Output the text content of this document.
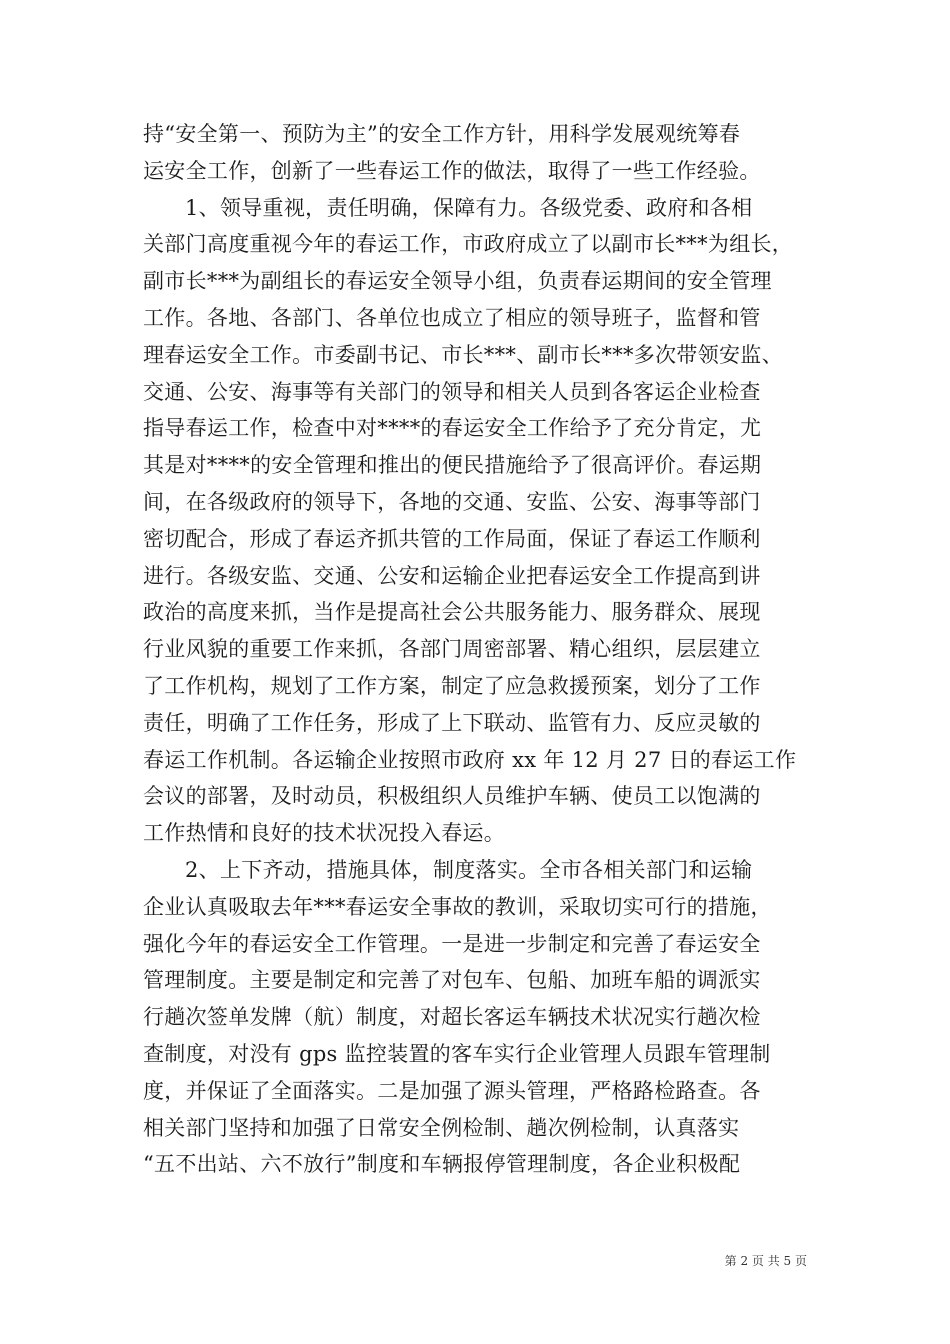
持“安全第一、预防为主”的安全工作方针，用科学发展观统筹春
运安全工作，创新了一些春运工作的做法，取得了一些工作经验。
1、领导重视，责任明确，保障有力。各级党委、政府和各相
关部门高度重视今年的春运工作，市政府成立了以副市长***为组长，
副市长***为副组长的春运安全领导小组，负责春运期间的安全管理
工作。各地、各部门、各单位也成立了相应的领导班子，监督和管
理春运安全工作。市委副书记、市长***、副市长***多次带领安监、
交通、公安、海事等有关部门的领导和相关人员到各客运企业检查
指导春运工作，检查中对****的春运安全工作给予了充分肯定，尤
其是对****的安全管理和推出的便民措施给予了很高评价。春运期
间，在各级政府的领导下，各地的交通、安监、公安、海事等部门
密切配合，形成了春运齐抓共管的工作局面，保证了春运工作顺利
进行。各级安监、交通、公安和运输企业把春运安全工作提高到讲
政治的高度来抓，当作是提高社会公共服务能力、服务群众、展现
行业风貌的重要工作来抓，各部门周密部署、精心组织，层层建立
了工作机构，规划了工作方案，制定了应急救援预案，划分了工作
责任，明确了工作任务，形成了上下联动、监管有力、反应灵敏的
春运工作机制。各运输企业按照市政府 xx 年 12 月 27 日的春运工作
会议的部署，及时动员，积极组织人员维护车辆、使员工以饱满的
工作热情和良好的技术状况投入春运。
2、上下齐动，措施具体，制度落实。全市各相关部门和运输
企业认真吸取去年***春运安全事故的教训，采取切实可行的措施，
强化今年的春运安全工作管理。一是进一步制定和完善了春运安全
管理制度。主要是制定和完善了对包车、包船、加班车船的调派实
行趟次签单发牌（航）制度，对超长客运车辆技术状况实行趟次检
查制度，对没有 gps 监控装置的客车实行企业管理人员跟车管理制
度，并保证了全面落实。二是加强了源头管理，严格路检路查。各
相关部门坚持和加强了日常安全例检制、趟次例检制，认真落实
“五不出站、六不放行”制度和车辆报停管理制度，各企业积极配
第 2 页 共 5 页
